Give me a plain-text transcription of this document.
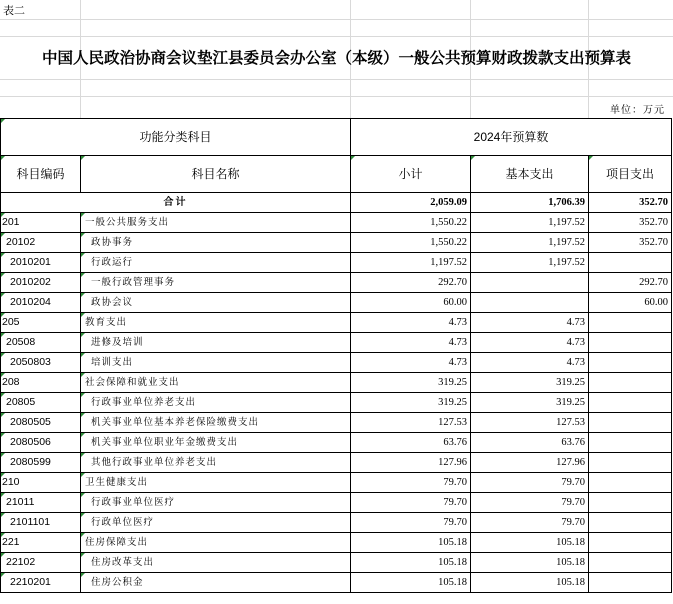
表二
中国人民政治协商会议垫江县委员会办公室（本级）一般公共预算财政拨款支出预算表
单位：万元
功能分类科目		2024年预算数		
科目编码	科目名称	小计	基本支出	项目支出
合计		2,059.09	1,706.39	352.70
201	一般公共服务支出	1,550.22	1,197.52	352.70
20102	政协事务	1,550.22	1,197.52	352.70
2010201	行政运行	1,197.52	1,197.52	
2010202	一般行政管理事务	292.70		292.70
2010204	政协会议	60.00		60.00
205	教育支出	4.73	4.73	
20508	进修及培训	4.73	4.73	
2050803	培训支出	4.73	4.73	
208	社会保障和就业支出	319.25	319.25	
20805	行政事业单位养老支出	319.25	319.25	
2080505	机关事业单位基本养老保险缴费支出	127.53	127.53	
2080506	机关事业单位职业年金缴费支出	63.76	63.76	
2080599	其他行政事业单位养老支出	127.96	127.96	
210	卫生健康支出	79.70	79.70	
21011	行政事业单位医疗	79.70	79.70	
2101101	行政单位医疗	79.70	79.70	
221	住房保障支出	105.18	105.18	
22102	住房改革支出	105.18	105.18	
2210201	住房公积金	105.18	105.18	
